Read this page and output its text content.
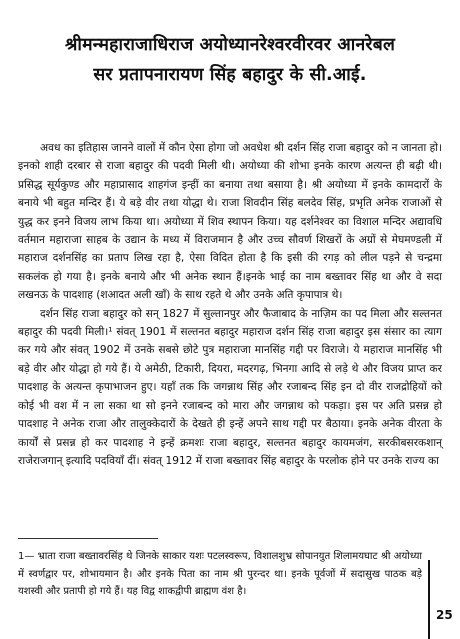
श्रीमन्महाराजाधिराज अयोध्यानरेश्वरवीरवर आनरेबल
सर प्रतापनारायण सिंह बहादुर के सी.आई.

अवध का इतिहास जानने वालों में कौन ऐसा होगा जो अवधेश श्री दर्शन सिंह राजा बहादुर को न जानता हो। इनको शाही दरबार से राजा बहादुर की पदवी मिली थी। अयोध्या की शोभा इनके कारण अत्यन्त ही बढ़ी थी। प्रसिद्ध सूर्यकुण्ड और महाप्रासाद शाहगंज इन्हीं का बनाया तथा बसाया है। श्री अयोध्या में इनके कामदारों के बनाये भी बहुत मन्दिर हैं। ये बड़े वीर तथा योद्धा थे। राजा शिवदीन सिंह बलदेव सिंह, प्रभृति अनेक राजाओं से युद्ध कर इनने विजय लाभ किया था। अयोध्या में शिव स्थापन किया। यह दर्शनेश्वर का विशाल मन्दिर अद्यावधि वर्तमान महाराजा साहब के उद्यान के मध्य में विराजमान है और उच्च सौवर्ण शिखरों के अग्रों से मेघमण्डली में महाराज दर्शनसिंह का प्रताप लिख रहा है, ऐसा विदित होता है कि इसी की रगड़ को लील पड़ने से चन्द्रमा सकलंक हो गया है। इनके बनाये और भी अनेक स्थान हैं।इनके भाई का नाम बख्तावर सिंह था और वे सदा लखनऊ के पादशाह (शआदत अली खाँ) के साथ रहते थे और उनके अति कृपापात्र थे।

दर्शन सिंह राजा बहादुर को सन् 1827 में सुल्तानपुर और फैजाबाद के नाज़िम का पद मिला और सल्तनत बहादुर की पदवी मिली।¹ संवत् 1901 में सल्तनत बहादुर महाराज दर्शन सिंह राजा बहादुर इस संसार का त्याग कर गये और संवत् 1902 में उनके सबसे छोटे पुत्र महाराजा मानसिंह गद्दी पर विराजे। ये महाराज मानसिंह भी बड़े वीर और योद्धा हो गये हैं। ये अमेठी, टिकारी, दियरा, मदरगढ़, भिनगा आदि से लड़े थे और विजय प्राप्त कर पादशाह के अत्यन्त कृपाभाजन हुए। यहाँ तक कि जगन्नाथ सिंह और रजाबन्द सिंह इन दो वीर राजद्रोहियों को कोई भी वश में न ला सका था सो इनने रजाबन्द को मारा और जगन्नाथ को पकड़ा। इस पर अति प्रसन्न हो पादशाह ने अनेक राजा और तालुक्केदारों के देखते ही इन्हें अपने साथ गद्दी पर बैठाया। इनके अनेक वीरता के कार्यों से प्रसन्न हो कर पादशाह ने इन्हें क्रमशः राजा बहादुर, सल्तनत बहादुर कायमजंग, सरकीबसरकशान् राजेराजगान् इत्यादि पदवियाँ दीं। संवत् 1912 में राजा बख्तावर सिंह बहादुर के परलोक होने पर उनके राज्य का

1— भ्राता राजा बख्तावरसिंह थे जिनके साकार यशः पटलस्वरूप, विशालशुभ्र सोपानयुत शिलामयघाट श्री अयोध्या में स्वर्णद्वार पर, शोभायमान है। और इनके पिता का नाम श्री पुरन्दर था। इनके पूर्वजों में सदासुख पाठक बड़े यशस्वी और प्रतापी हो गये हैं। यह विद्व शाकद्वीपी ब्राह्मण वंश है।
25
